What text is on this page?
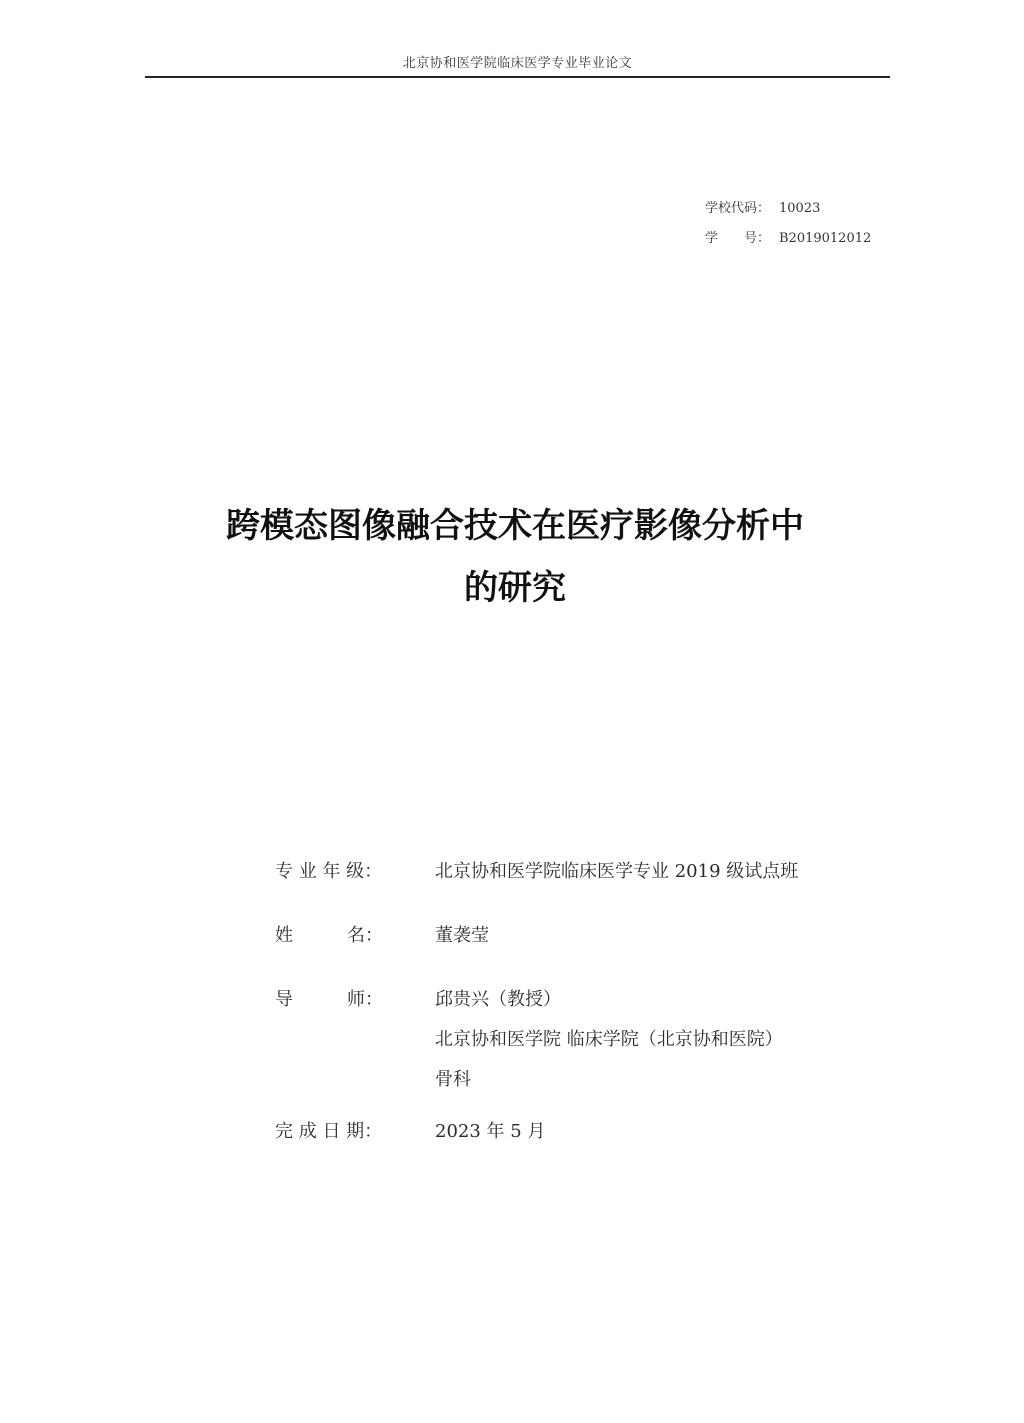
北京协和医学院临床医学专业毕业论文
学校代码： 10023
学　　号： B2019012012
跨模态图像融合技术在医疗影像分析中
的研究
专 业 年 级：	北京协和医学院临床医学专业 2019 级试点班
姓　　　名：	董袭莹
导　　　师：	邱贵兴（教授）
北京协和医学院 临床学院（北京协和医院）
骨科
完 成 日 期：	2023 年 5 月
